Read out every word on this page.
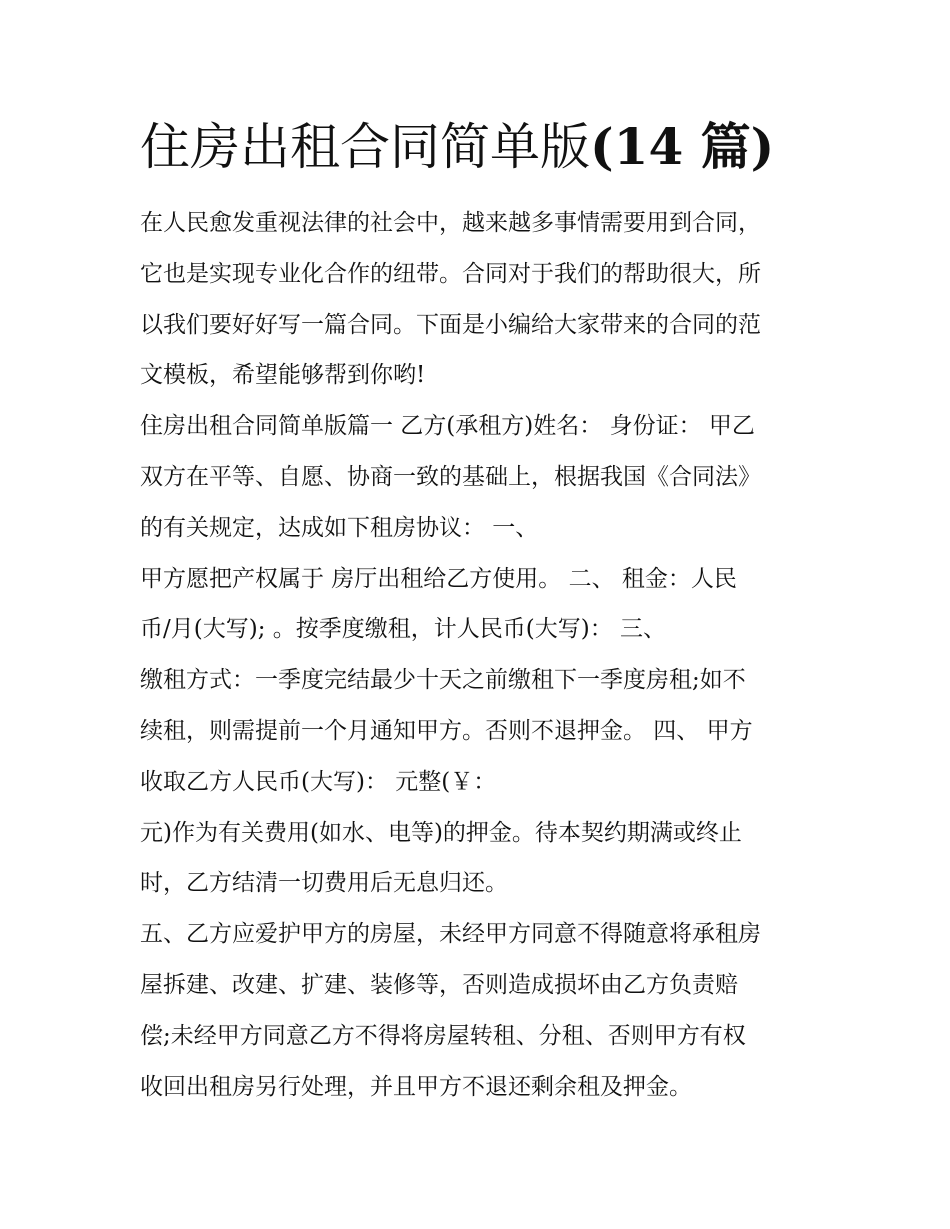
住房出租合同简单版(14 篇)
在人民愈发重视法律的社会中，越来越多事情需要用到合同，
它也是实现专业化合作的纽带。合同对于我们的帮助很大，所
以我们要好好写一篇合同。下面是小编给大家带来的合同的范
文模板，希望能够帮到你哟!
住房出租合同简单版篇一 乙方(承租方)姓名： 身份证： 甲乙
双方在平等、自愿、协商一致的基础上，根据我国《合同法》
的有关规定，达成如下租房协议： 一、
甲方愿把产权属于 房厅出租给乙方使用。 二、 租金：人民
币/月(大写); 。按季度缴租，计人民币(大写)： 三、
缴租方式：一季度完结最少十天之前缴租下一季度房租;如不
续租，则需提前一个月通知甲方。否则不退押金。 四、 甲方
收取乙方人民币(大写)： 元整(￥：
元)作为有关费用(如水、电等)的押金。待本契约期满或终止
时，乙方结清一切费用后无息归还。
五、乙方应爱护甲方的房屋，未经甲方同意不得随意将承租房
屋拆建、改建、扩建、装修等，否则造成损坏由乙方负责赔
偿;未经甲方同意乙方不得将房屋转租、分租、否则甲方有权
收回出租房另行处理，并且甲方不退还剩余租及押金。
